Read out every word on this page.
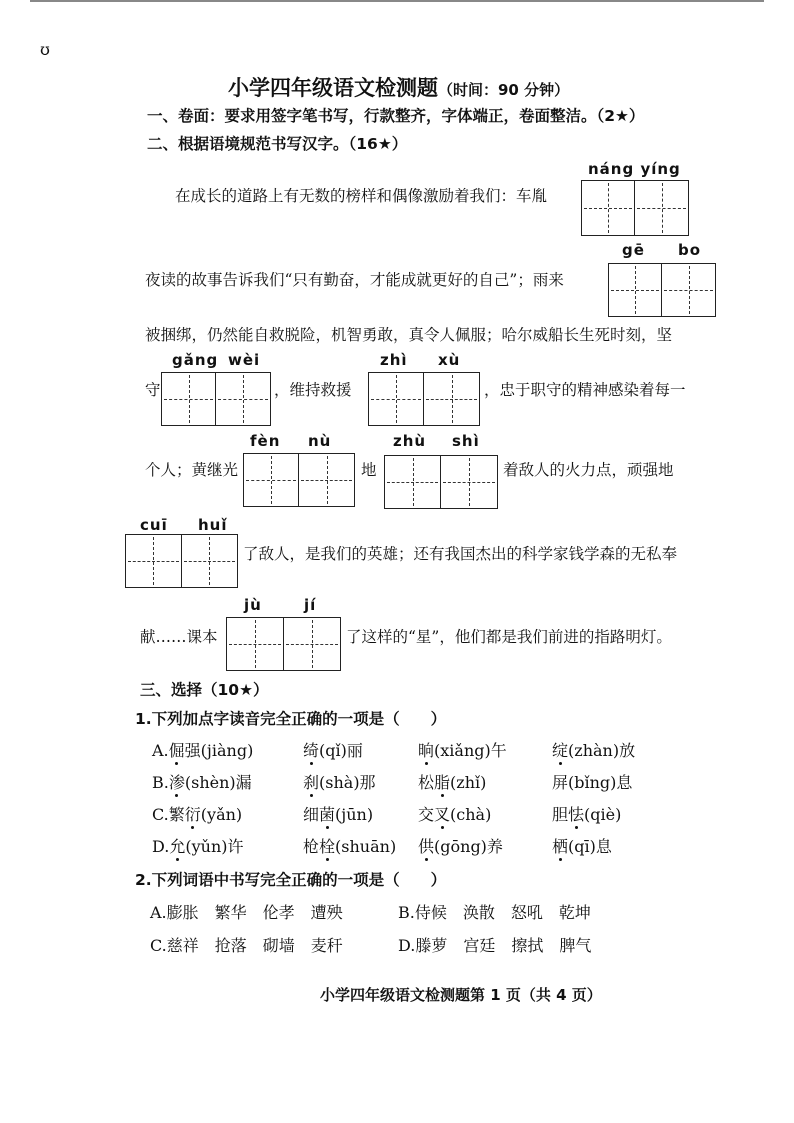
ʊ
小学四年级语文检测题（时间：90 分钟）
一、卷面：要求用签字笔书写，行款整齐，字体端正，卷面整洁。（2★）
二、根据语境规范书写汉字。（16★）
náng yíng
在成长的道路上有无数的榜样和偶像激励着我们：车胤
gē bo
夜读的故事告诉我们“只有勤奋，才能成就更好的自己”；雨来
被捆绑，仍然能自救脱险，机智勇敢，真令人佩服；哈尔威船长生死时刻，坚
gǎng wèi	zhì xù
守	，维持救援	，忠于职守的精神感染着每一
fèn nù	zhù shì
个人；黄继光	地	着敌人的火力点，顽强地
cuī huǐ
了敌人，是我们的英雄；还有我国杰出的科学家钱学森的无私奉
jù	jí
献……课本	了这样的“星”，他们都是我们前进的指路明灯。
三、选择（10★）
1.下列加点字读音完全正确的一项是（　　）
A.倔强(jiàng)	绮(qǐ)丽	晌(xiǎng)午	绽(zhàn)放
B.渗(shèn)漏	刹(shà)那	松脂(zhǐ)	屏(bǐng)息
C.繁衍(yǎn)	细菌(jūn)	交叉(chà)	胆怯(qiè)
D.允(yǔn)许	枪栓(shuān) 供(gōng)养	栖(qī)息
2.下列词语中书写完全正确的一项是（　　）
A.膨胀　繁华　伦孝　遭殃	B.侍候　涣散　怒吼　乾坤
C.慈祥　抢落　砌墙　麦秆	D.滕萝　宫廷　擦拭　脾气
小学四年级语文检测题第 1 页（共 4 页）
